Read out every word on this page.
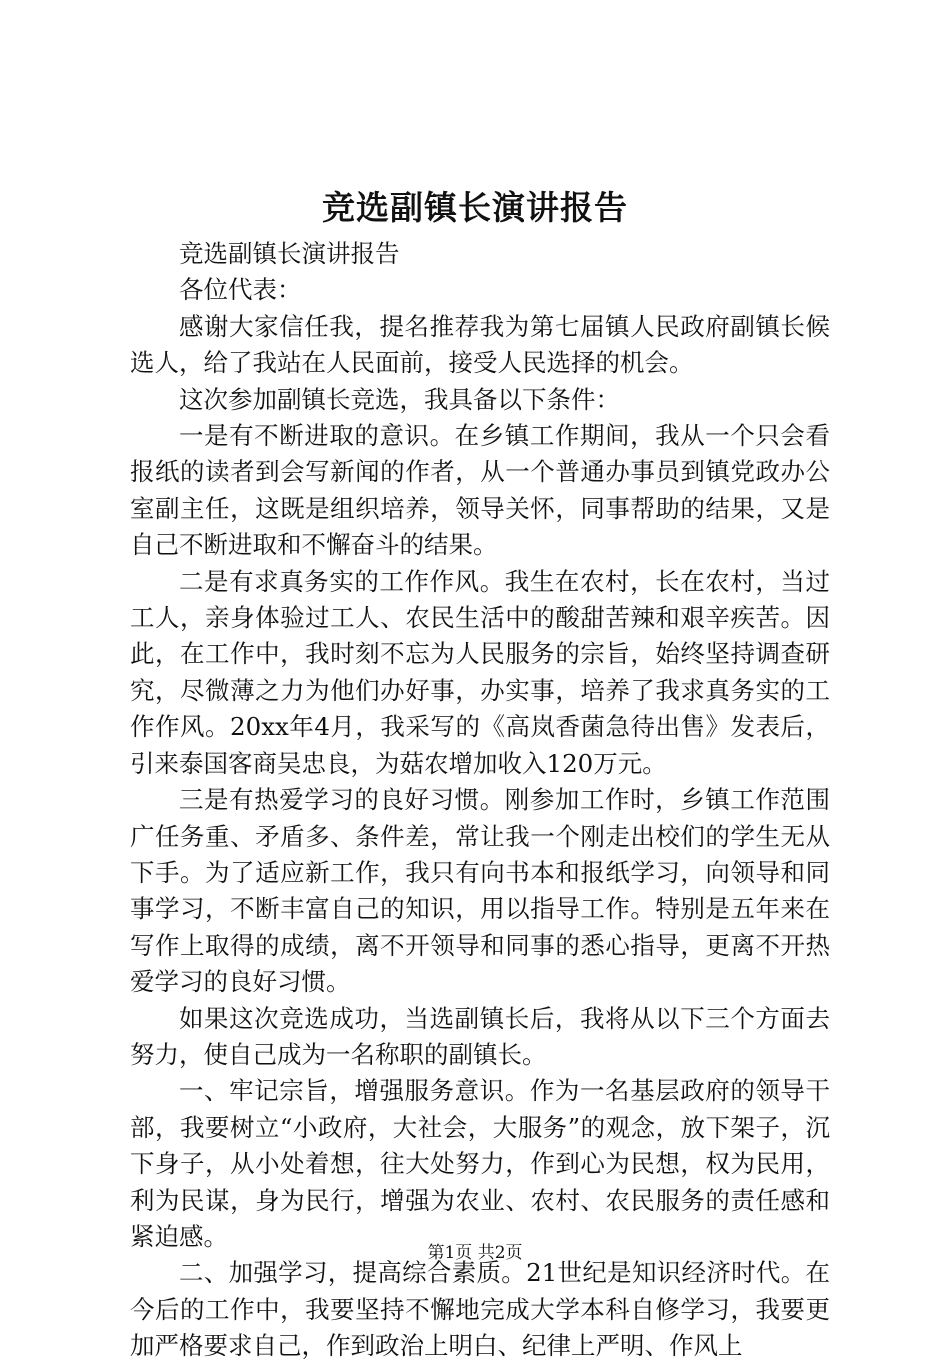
竞选副镇长演讲报告

竞选副镇长演讲报告

各位代表：

感谢大家信任我，提名推荐我为第七届镇人民政府副镇长候选人，给了我站在人民面前，接受人民选择的机会。

这次参加副镇长竞选，我具备以下条件：

一是有不断进取的意识。在乡镇工作期间，我从一个只会看报纸的读者到会写新闻的作者，从一个普通办事员到镇党政办公室副主任，这既是组织培养，领导关怀，同事帮助的结果，又是自己不断进取和不懈奋斗的结果。

二是有求真务实的工作作风。我生在农村，长在农村，当过工人，亲身体验过工人、农民生活中的酸甜苦辣和艰辛疾苦。因此，在工作中，我时刻不忘为人民服务的宗旨，始终坚持调查研究，尽微薄之力为他们办好事，办实事，培养了我求真务实的工作作风。20xx年4月，我采写的《高岚香菌急待出售》发表后，引来泰国客商吴忠良，为菇农增加收入120万元。

三是有热爱学习的良好习惯。刚参加工作时，乡镇工作范围广任务重、矛盾多、条件差，常让我一个刚走出校们的学生无从下手。为了适应新工作，我只有向书本和报纸学习，向领导和同事学习，不断丰富自己的知识，用以指导工作。特别是五年来在写作上取得的成绩，离不开领导和同事的悉心指导，更离不开热爱学习的良好习惯。

如果这次竞选成功，当选副镇长后，我将从以下三个方面去努力，使自己成为一名称职的副镇长。

一、牢记宗旨，增强服务意识。作为一名基层政府的领导干部，我要树立“小政府，大社会，大服务”的观念，放下架子，沉下身子，从小处着想，往大处努力，作到心为民想，权为民用，利为民谋，身为民行，增强为农业、农村、农民服务的责任感和紧迫感。

二、加强学习，提高综合素质。21世纪是知识经济时代。在今后的工作中，我要坚持不懈地完成大学本科自修学习，我要更加严格要求自己，作到政治上明白、纪律上严明、作风上

第1页 共2页
